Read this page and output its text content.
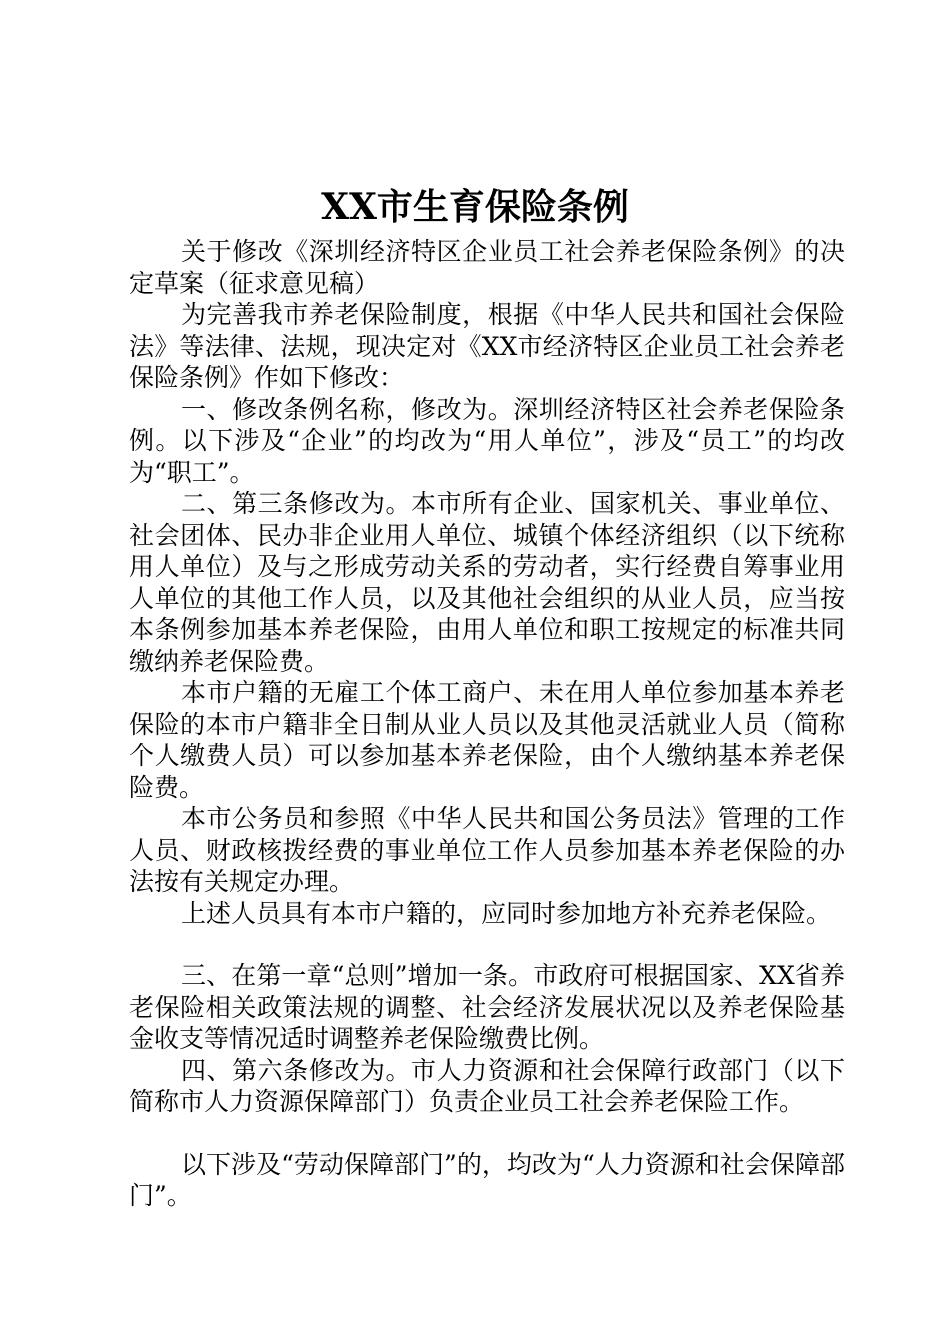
XX市生育保险条例

关于修改《深圳经济特区企业员工社会养老保险条例》的决定草案（征求意见稿）

为完善我市养老保险制度，根据《中华人民共和国社会保险法》等法律、法规，现决定对《XX市经济特区企业员工社会养老保险条例》作如下修改：

一、修改条例名称，修改为。深圳经济特区社会养老保险条例。以下涉及“企业”的均改为“用人单位”，涉及“员工”的均改为“职工”。

二、第三条修改为。本市所有企业、国家机关、事业单位、社会团体、民办非企业用人单位、城镇个体经济组织（以下统称用人单位）及与之形成劳动关系的劳动者，实行经费自筹事业用人单位的其他工作人员，以及其他社会组织的从业人员，应当按本条例参加基本养老保险，由用人单位和职工按规定的标准共同缴纳养老保险费。

本市户籍的无雇工个体工商户、未在用人单位参加基本养老保险的本市户籍非全日制从业人员以及其他灵活就业人员（简称个人缴费人员）可以参加基本养老保险，由个人缴纳基本养老保险费。

本市公务员和参照《中华人民共和国公务员法》管理的工作人员、财政核拨经费的事业单位工作人员参加基本养老保险的办法按有关规定办理。

上述人员具有本市户籍的，应同时参加地方补充养老保险。

三、在第一章“总则”增加一条。市政府可根据国家、XX省养老保险相关政策法规的调整、社会经济发展状况以及养老保险基金收支等情况适时调整养老保险缴费比例。

四、第六条修改为。市人力资源和社会保障行政部门（以下简称市人力资源保障部门）负责企业员工社会养老保险工作。

以下涉及“劳动保障部门”的，均改为“人力资源和社会保障部门”。
